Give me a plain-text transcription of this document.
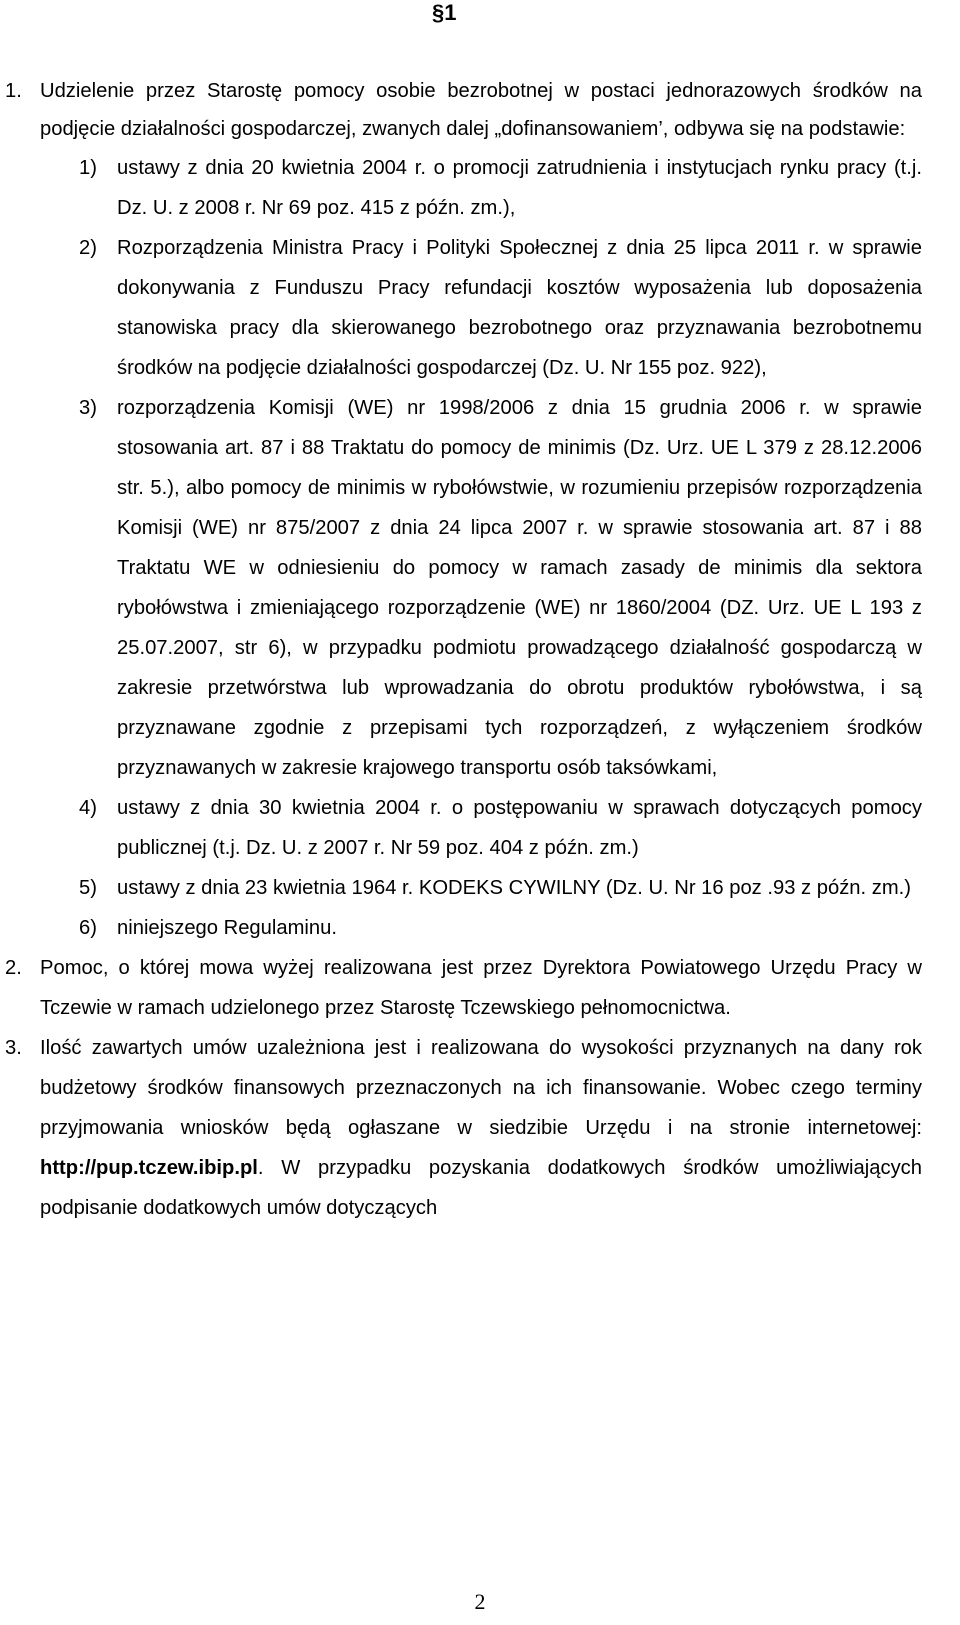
§1
1. Udzielenie przez Starostę pomocy osobie bezrobotnej w postaci jednorazowych środków na podjęcie działalności gospodarczej, zwanych dalej „dofinansowaniem’, odbywa się na podstawie:
1) ustawy z dnia 20 kwietnia 2004 r. o promocji zatrudnienia i instytucjach rynku pracy (t.j. Dz. U. z 2008 r. Nr 69 poz. 415 z późn. zm.),
2) Rozporządzenia Ministra Pracy i Polityki Społecznej z dnia 25 lipca 2011 r. w sprawie dokonywania z Funduszu Pracy refundacji kosztów wyposażenia lub doposażenia stanowiska pracy dla skierowanego bezrobotnego oraz przyznawania bezrobotnemu środków na podjęcie działalności gospodarczej (Dz. U. Nr 155 poz. 922),
3) rozporządzenia Komisji (WE) nr 1998/2006 z dnia 15 grudnia 2006 r. w sprawie stosowania art. 87 i 88 Traktatu do pomocy de minimis (Dz. Urz. UE L 379 z 28.12.2006 str. 5.), albo pomocy de minimis w rybołówstwie, w rozumieniu przepisów rozporządzenia Komisji (WE) nr 875/2007 z dnia 24 lipca 2007 r. w sprawie stosowania art. 87 i 88 Traktatu WE w odniesieniu do pomocy w ramach zasady de minimis dla sektora rybołówstwa i zmieniającego rozporządzenie (WE) nr 1860/2004 (DZ. Urz. UE L 193 z 25.07.2007, str 6), w przypadku podmiotu prowadzącego działalność gospodarczą w zakresie przetwórstwa lub wprowadzania do obrotu produktów rybołówstwa, i są przyznawane zgodnie z przepisami tych rozporządzeń, z wyłączeniem środków przyznawanych w zakresie krajowego transportu osób taksówkami,
4) ustawy z dnia 30 kwietnia 2004 r. o postępowaniu w sprawach dotyczących pomocy publicznej (t.j. Dz. U. z 2007 r. Nr 59 poz. 404 z późn. zm.)
5) ustawy z dnia 23 kwietnia 1964 r. KODEKS CYWILNY (Dz. U. Nr 16 poz .93 z późn. zm.)
6) niniejszego Regulaminu.
2. Pomoc, o której mowa wyżej realizowana jest przez Dyrektora Powiatowego Urzędu Pracy w Tczewie w ramach udzielonego przez Starostę Tczewskiego pełnomocnictwa.
3. Ilość zawartych umów uzależniona jest i realizowana do wysokości przyznanych na dany rok budżetowy środków finansowych przeznaczonych na ich finansowanie. Wobec czego terminy przyjmowania wniosków będą ogłaszane w siedzibie Urzędu i na stronie internetowej: http://pup.tczew.ibip.pl. W przypadku pozyskania dodatkowych środków umożliwiających podpisanie dodatkowych umów dotyczących
2
